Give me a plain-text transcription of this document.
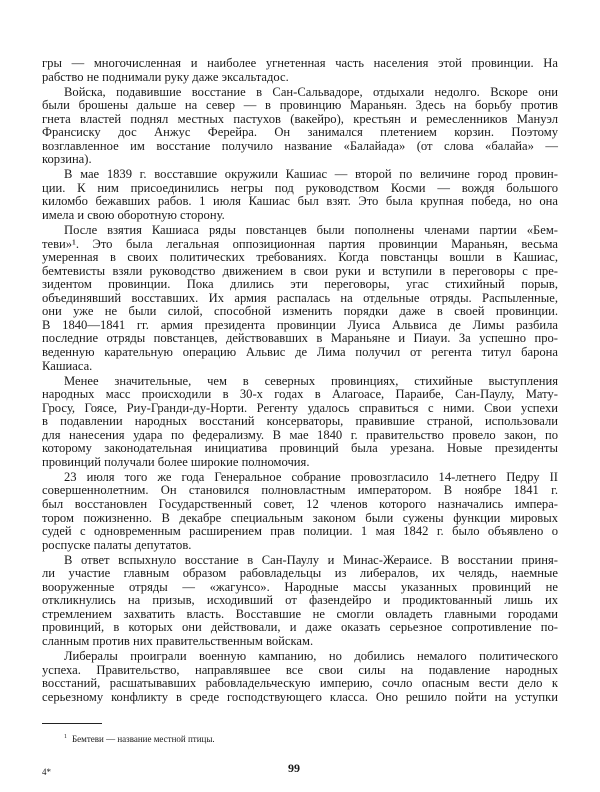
гры — многочисленная и наиболее угнетенная часть населения этой провинции. На
рабство не поднимали руку даже эксальтадос.
Войска, подавившие восстание в Сан-Сальвадоре, отдыхали недолго. Вскоре они
были брошены дальше на север — в провинцию Мараньян. Здесь на борьбу против
гнета властей поднял местных пастухов (вакейро), крестьян и ремесленников Мануэл
Франсиску дос Анжус Ферейра. Он занимался плетением корзин. Поэтому
возглавленное им восстание получило название «Балайада» (от слова «балайа» —
корзина).
В мае 1839 г. восставшие окружили Кашиас — второй по величине город провин-
ции. К ним присоединились негры под руководством Косми — вождя большого
киломбо бежавших рабов. 1 июля Кашиас был взят. Это была крупная победа, но она
имела и свою оборотную сторону.
После взятия Кашиаса ряды повстанцев были пополнены членами партии «Бем-
теви»¹. Это была легальная оппозиционная партия провинции Мараньян, весьма
умеренная в своих политических требованиях. Когда повстанцы вошли в Кашиас,
бемтевисты взяли руководство движением в свои руки и вступили в переговоры с пре-
зидентом провинции. Пока длились эти переговоры, угас стихийный порыв,
объединявший восставших. Их армия распалась на отдельные отряды. Распыленные,
они уже не были силой, способной изменить порядки даже в своей провинции.
В 1840—1841 гг. армия президента провинции Луиса Альвиса де Лимы разбила
последние отряды повстанцев, действовавших в Мараньяне и Пиауи. За успешно про-
веденную карательную операцию Альвис де Лима получил от регента титул барона
Кашиаса.
Менее значительные, чем в северных провинциях, стихийные выступления
народных масс происходили в 30-х годах в Алагоасе, Параибе, Сан-Паулу, Мату-
Гросу, Гоясе, Риу-Гранди-ду-Норти. Регенту удалось справиться с ними. Свои успехи
в подавлении народных восстаний консерваторы, правившие страной, использовали
для нанесения удара по федерализму. В мае 1840 г. правительство провело закон, по
которому законодательная инициатива провинций была урезана. Новые президенты
провинций получали более широкие полномочия.
23 июля того же года Генеральное собрание провозгласило 14-летнего Педру II
совершеннолетним. Он становился полновластным императором. В ноябре 1841 г.
был восстановлен Государственный совет, 12 членов которого назначались импера-
тором пожизненно. В декабре специальным законом были сужены функции мировых
судей с одновременным расширением прав полиции. 1 мая 1842 г. было объявлено о
роспуске палаты депутатов.
В ответ вспыхнуло восстание в Сан-Паулу и Минас-Жераисе. В восстании приня-
ли участие главным образом рабовладельцы из либералов, их челядь, наемные
вооруженные отряды — «жагунсо». Народные массы указанных провинций не
откликнулись на призыв, исходивший от фазендейро и продиктованный лишь их
стремлением захватить власть. Восставшие не смогли овладеть главными городами
провинций, в которых они действовали, и даже оказать серьезное сопротивление по-
сланным против них правительственным войскам.
Либералы проиграли военную кампанию, но добились немалого политического
успеха. Правительство, направлявшее все свои силы на подавление народных
восстаний, расшатывавших рабовладельческую империю, сочло опасным вести дело к
серьезному конфликту в среде господствующего класса. Оно решило пойти на уступки
$^1$ Бемтеви — название местной птицы.
99
4*
